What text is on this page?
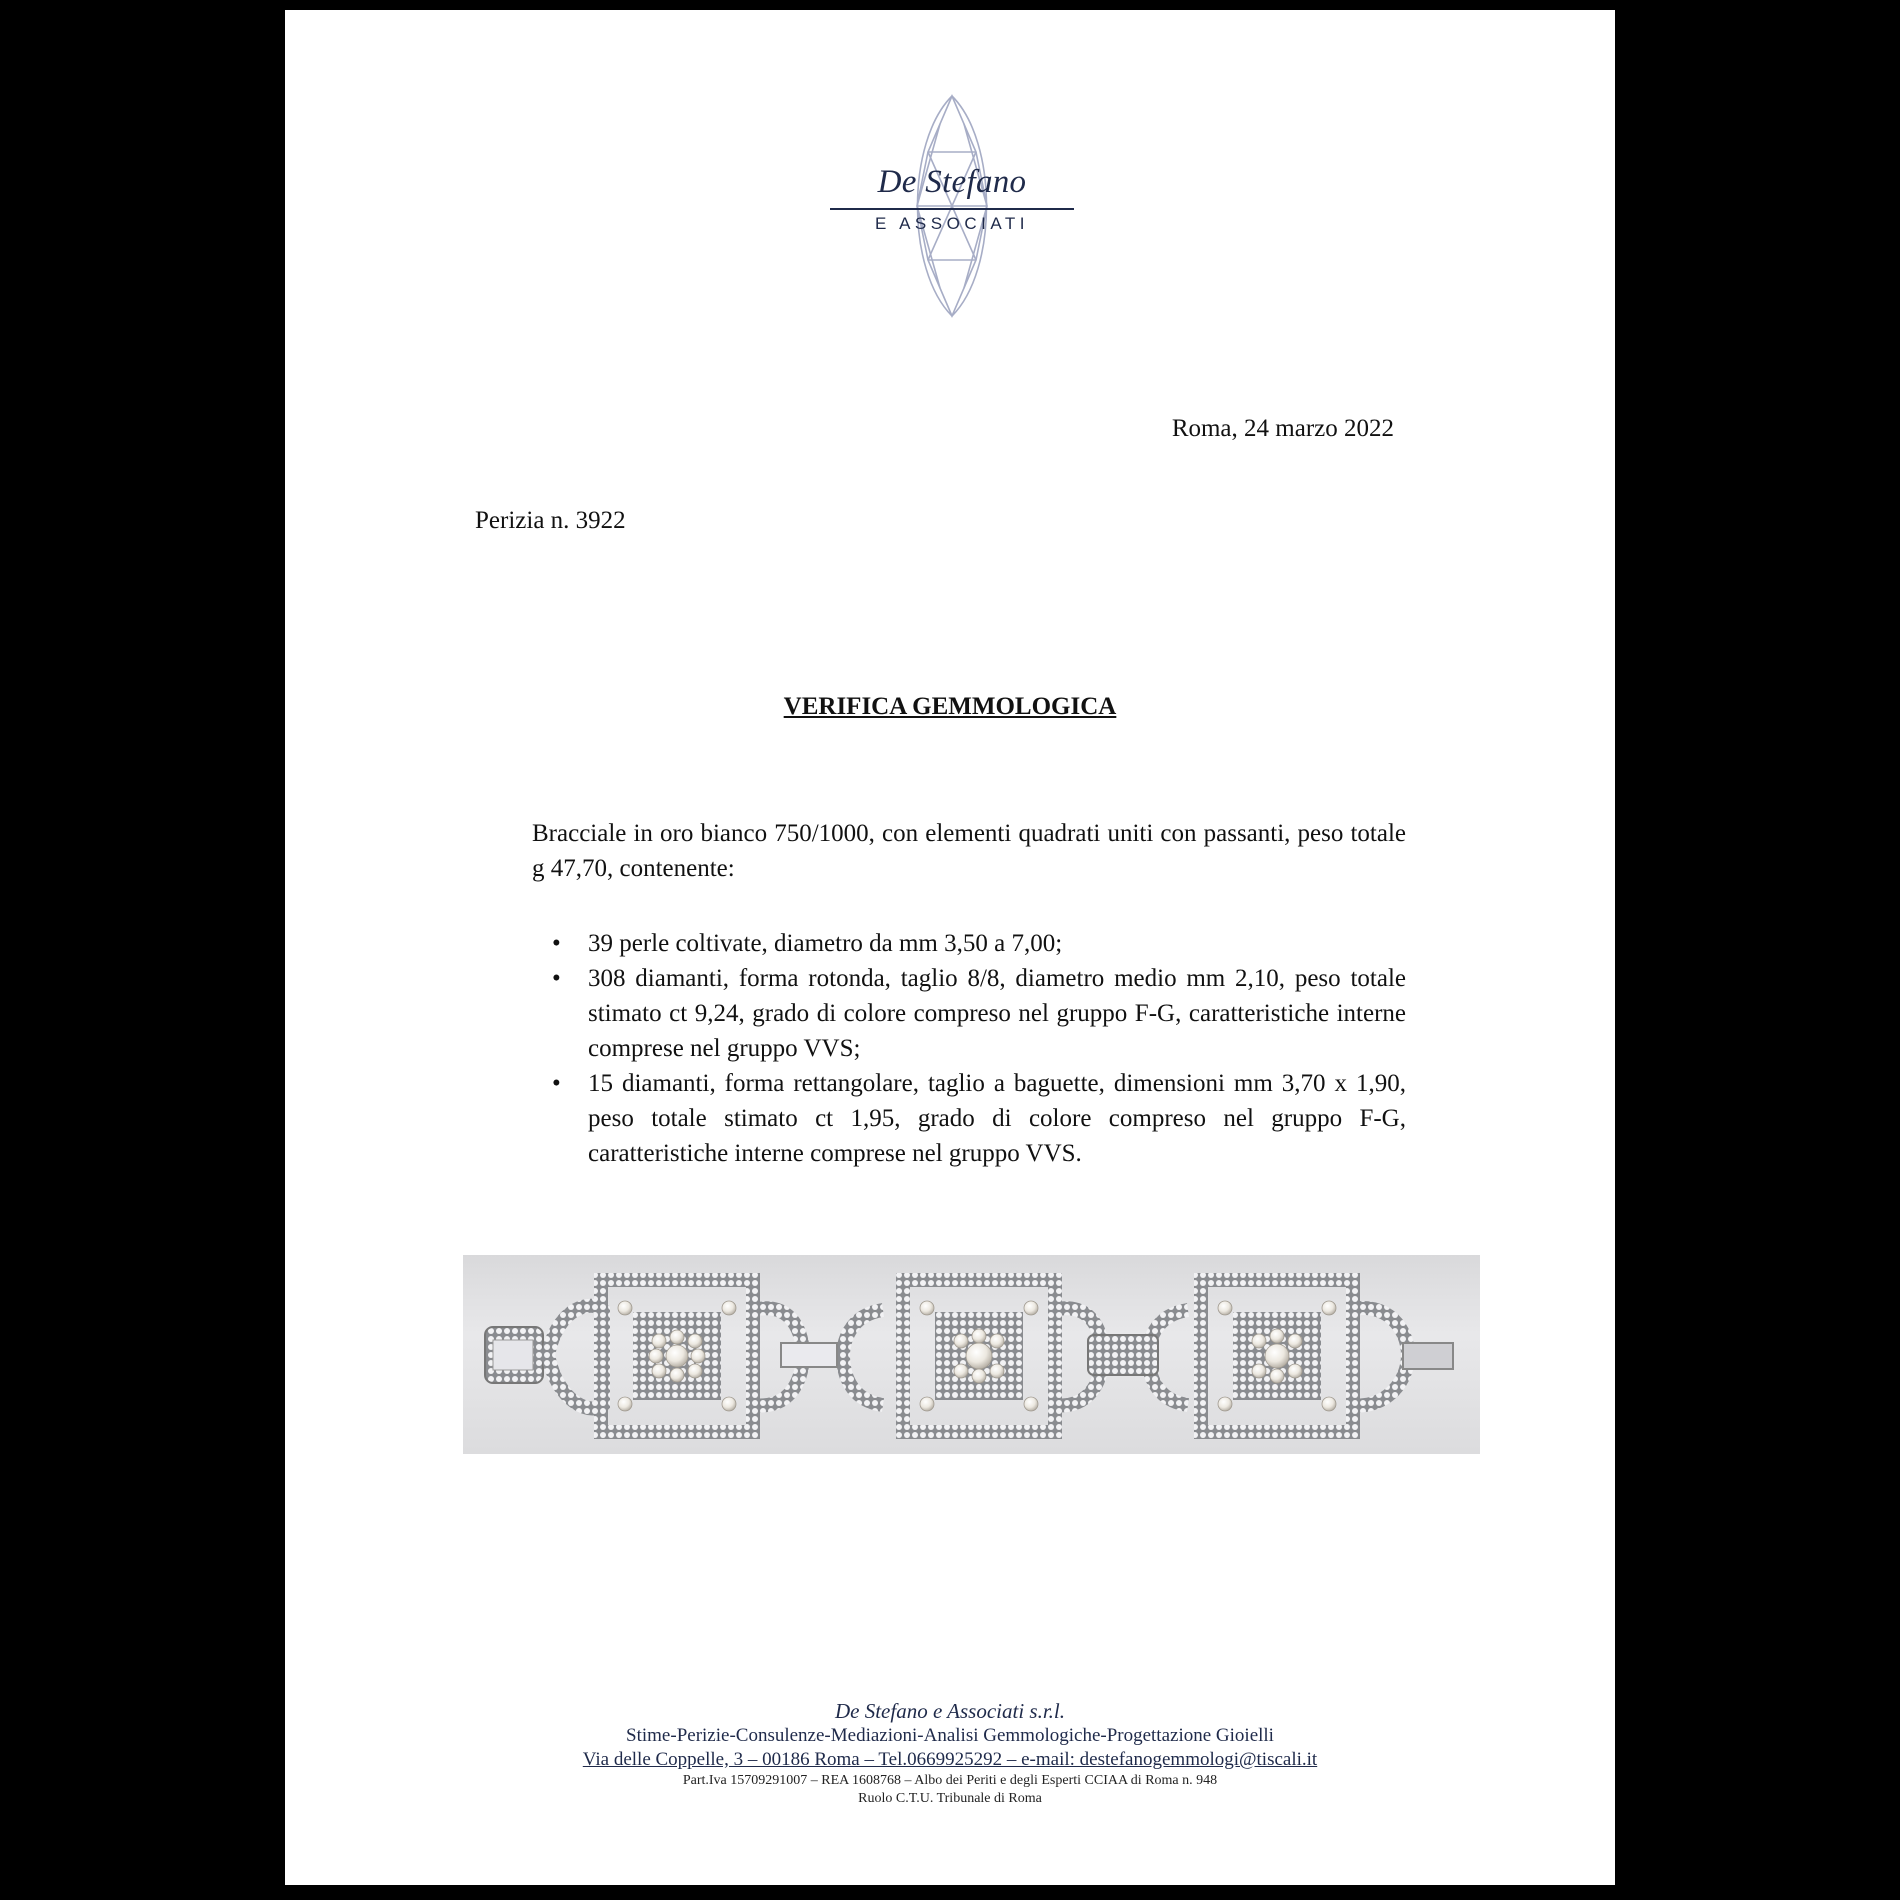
De Stefano
E ASSOCIATI
Roma, 24 marzo 2022
Perizia n. 3922
VERIFICA GEMMOLOGICA

Bracciale in oro bianco 750/1000, con elementi quadrati uniti con passanti, peso totale g 47,70, contenente:

• 39 perle coltivate, diametro da mm 3,50 a 7,00;
• 308 diamanti, forma rotonda, taglio 8/8, diametro medio mm 2,10, peso totale stimato ct 9,24, grado di colore compreso nel gruppo F-G, caratteristiche interne comprese nel gruppo VVS;
• 15 diamanti, forma rettangolare, taglio a baguette, dimensioni mm 3,70 x 1,90, peso totale stimato ct 1,95, grado di colore compreso nel gruppo F-G, caratteristiche interne comprese nel gruppo VVS.
De Stefano e Associati s.r.l.
Stime-Perizie-Consulenze-Mediazioni-Analisi Gemmologiche-Progettazione Gioielli
Via delle Coppelle, 3 – 00186 Roma – Tel.0669925292 – e-mail: destefanogemmologi@tiscali.it
Part.Iva 15709291007 – REA 1608768 – Albo dei Periti e degli Esperti CCIAA di Roma n. 948
Ruolo C.T.U. Tribunale di Roma
